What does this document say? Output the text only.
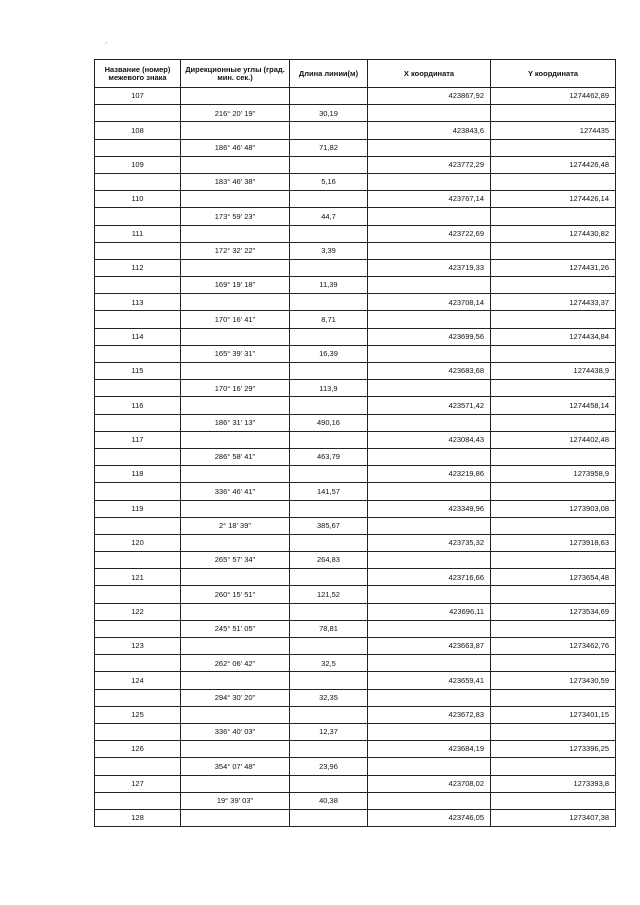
⸝
Название (номер) межевого знака	Дирекционные углы (град. мин. сек.)	Длина линии(м)	X координата	Y координата
107			423867,92	1274462,89
	216° 20' 19"	30,19		
108			423843,6	1274435
	186° 46' 48"	71,82		
109			423772,29	1274426,48
	183° 46' 38"	5,16		
110			423767,14	1274426,14
	173° 59' 23"	44,7		
111			423722,69	1274430,82
	172° 32' 22"	3,39		
112			423719,33	1274431,26
	169° 19' 18"	11,39		
113			423708,14	1274433,37
	170° 16' 41"	8,71		
114			423699,56	1274434,84
	165° 39' 31"	16,39		
115			423683,68	1274438,9
	170° 16' 29"	113,9		
116			423571,42	1274458,14
	186° 31' 13"	490,16		
117			423084,43	1274402,48
	286° 58' 41"	463,79		
118			423219,86	1273958,9
	336° 46' 41"	141,57		
119			423349,96	1273903,08
	2° 18' 39"	385,67		
120			423735,32	1273918,63
	265° 57' 34"	264,83		
121			423716,66	1273654,48
	260° 15' 51"	121,52		
122			423696,11	1273534,69
	245° 51' 05"	78,81		
123			423663,87	1273462,76
	262° 06' 42"	32,5		
124			423659,41	1273430,59
	294° 30' 20"	32,35		
125			423672,83	1273401,15
	336° 40' 03"	12,37		
126			423684,19	1273396,25
	354° 07' 48"	23,96		
127			423708,02	1273393,8
	19° 39' 03"	40,38		
128			423746,05	1273407,38
